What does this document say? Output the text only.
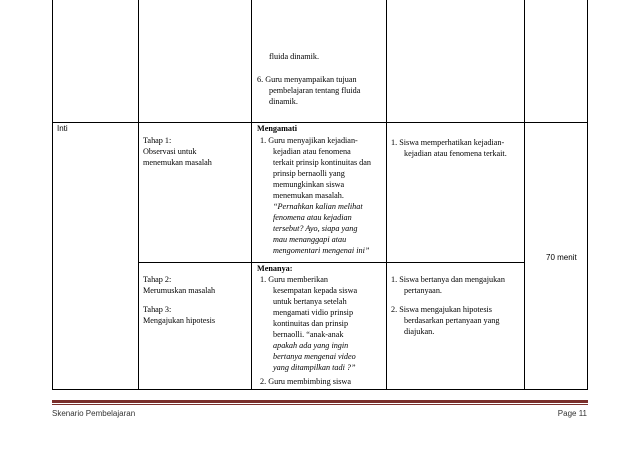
fluida dinamik.
6. Guru menyampaikan tujuan
pembelajaran tentang fluida
dinamik.
Inti
70 menit
Tahap 1:
Observasi untuk
menemukan masalah
Mengamati
1. Guru menyajikan kejadian-
kejadian atau fenomena
terkait prinsip kontinuitas dan
prinsip bernaolli yang
memungkinkan siswa
menemukan masalah.
“Pernahkan kalian melihat
fenomena atau kejadian
tersebut? Ayo, siapa yang
mau menanggapi atau
mengomentari mengenai ini”
1. Siswa memperhatikan kejadian-
kejadian atau fenomena terkait.
Tahap 2:
Merumuskan masalah
Tahap 3:
Mengajukan hipotesis
Menanya:
1. Guru memberikan
kesempatan kepada siswa
untuk bertanya setelah
mengamati vidio prinsip
kontinuitas dan prinsip
bernaolli. “anak-anak
apakah ada yang ingin
bertanya mengenai video
yang ditampilkan tadi ?”
2. Guru membimbing siswa
1. Siswa bertanya dan mengajukan
pertanyaan.
2. Siswa mengajukan hipotesis
berdasarkan pertanyaan yang
diajukan.
Skenario Pembelajaran	Page 11
